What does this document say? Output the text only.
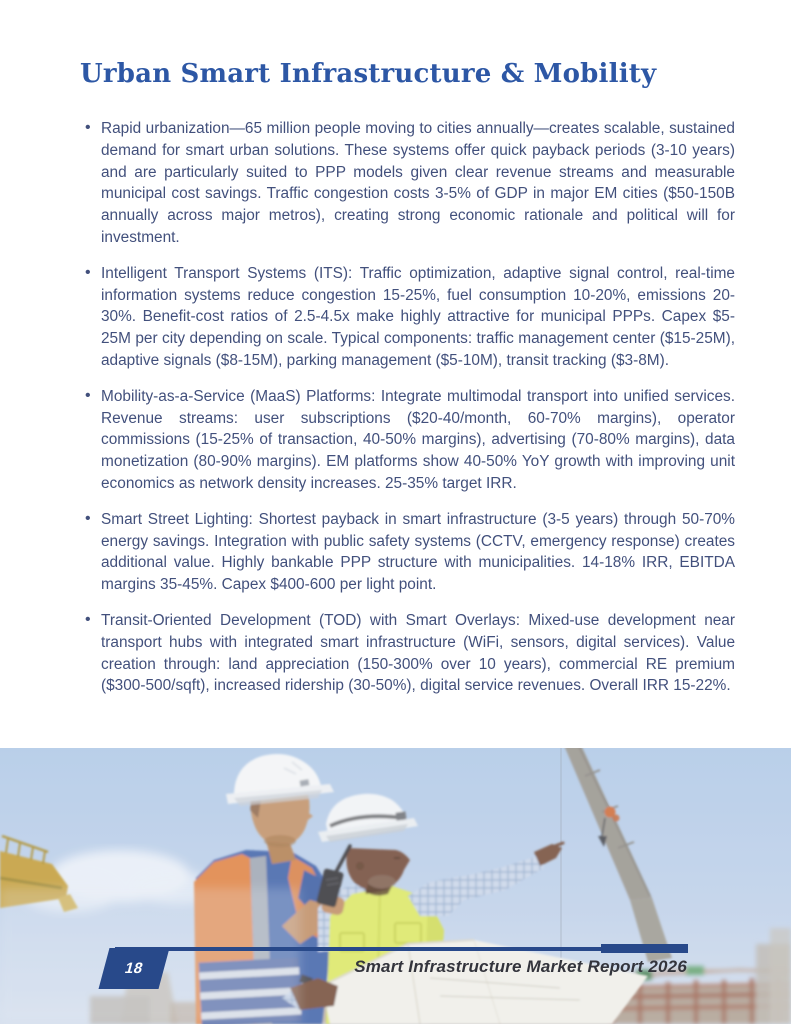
Urban Smart Infrastructure & Mobility
• Rapid urbanization—65 million people moving to cities annually—creates scalable, sustained demand for smart urban solutions. These systems offer quick payback periods (3-10 years) and are particularly suited to PPP models given clear revenue streams and measurable municipal cost savings. Traffic congestion costs 3-5% of GDP in major EM cities ($50-150B annually across major metros), creating strong economic rationale and political will for investment.
• Intelligent Transport Systems (ITS): Traffic optimization, adaptive signal control, real-time information systems reduce congestion 15-25%, fuel consumption 10-20%, emissions 20-30%. Benefit-cost ratios of 2.5-4.5x make highly attractive for municipal PPPs. Capex $5-25M per city depending on scale. Typical components: traffic management center ($15-25M), adaptive signals ($8-15M), parking management ($5-10M), transit tracking ($3-8M).
• Mobility-as-a-Service (MaaS) Platforms: Integrate multimodal transport into unified services. Revenue streams: user subscriptions ($20-40/month, 60-70% margins), operator commissions (15-25% of transaction, 40-50% margins), advertising (70-80% margins), data monetization (80-90% margins). EM platforms show 40-50% YoY growth with improving unit economics as network density increases. 25-35% target IRR.
• Smart Street Lighting: Shortest payback in smart infrastructure (3-5 years) through 50-70% energy savings. Integration with public safety systems (CCTV, emergency response) creates additional value. Highly bankable PPP structure with municipalities. 14-18% IRR, EBITDA margins 35-45%. Capex $400-600 per light point.
• Transit-Oriented Development (TOD) with Smart Overlays: Mixed-use development near transport hubs with integrated smart infrastructure (WiFi, sensors, digital services). Value creation through: land appreciation (150-300% over 10 years), commercial RE premium ($300-500/sqft), increased ridership (30-50%), digital service revenues. Overall IRR 15-22%.
18	Smart Infrastructure Market Report 2026
